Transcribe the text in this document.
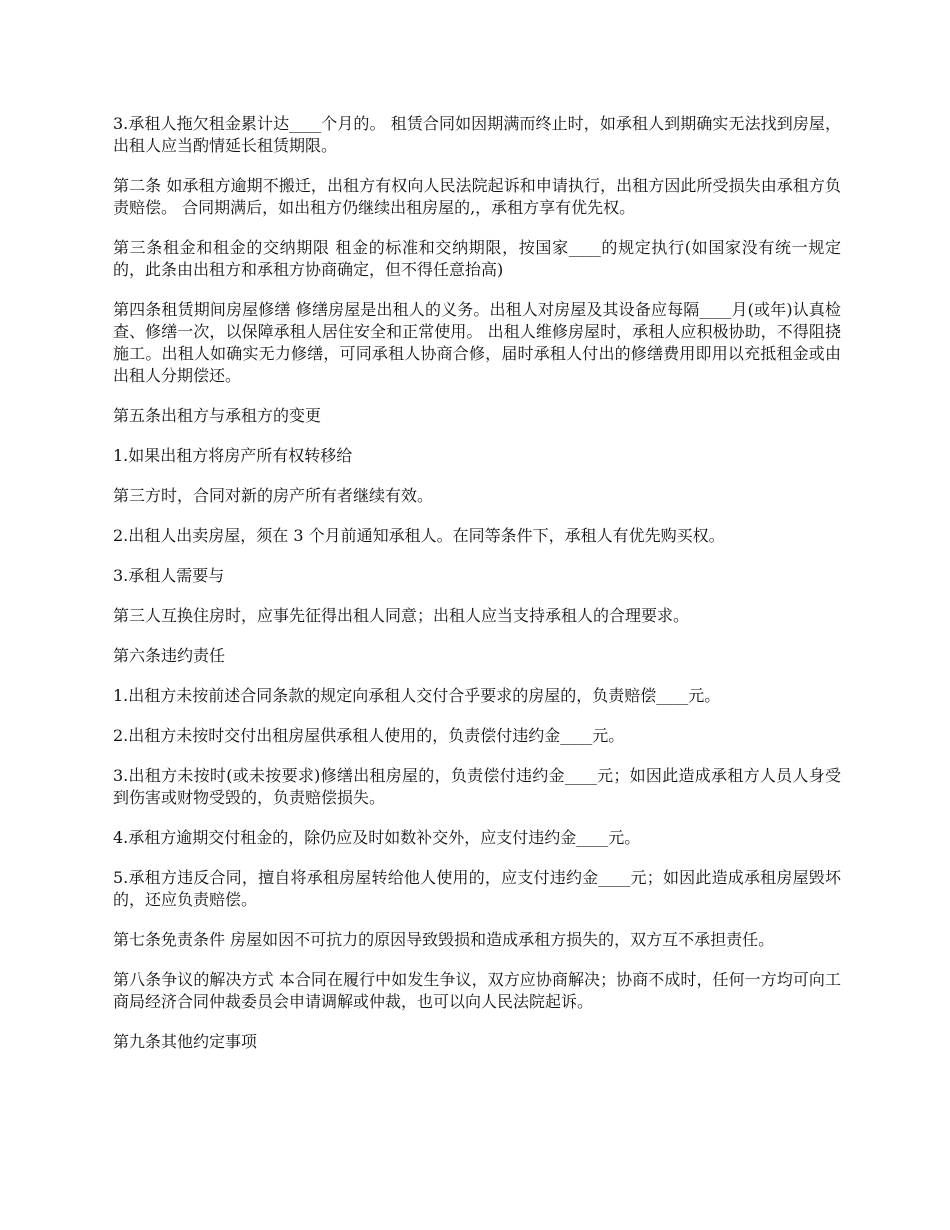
3.承租人拖欠租金累计达____个月的。 租赁合同如因期满而终止时，如承租人到期确实无法找到房屋，出租人应当酌情延长租赁期限。

第二条 如承租方逾期不搬迁，出租方有权向人民法院起诉和申请执行，出租方因此所受损失由承租方负责赔偿。 合同期满后，如出租方仍继续出租房屋的,，承租方享有优先权。

第三条租金和租金的交纳期限 租金的标准和交纳期限，按国家____的规定执行(如国家没有统一规定的，此条由出租方和承租方协商确定，但不得任意抬高)

第四条租赁期间房屋修缮 修缮房屋是出租人的义务。出租人对房屋及其设备应每隔____月(或年)认真检查、修缮一次，以保障承租人居住安全和正常使用。 出租人维修房屋时，承租人应积极协助，不得阻挠施工。出租人如确实无力修缮，可同承租人协商合修，届时承租人付出的修缮费用即用以充抵租金或由出租人分期偿还。

第五条出租方与承租方的变更

1.如果出租方将房产所有权转移给

第三方时，合同对新的房产所有者继续有效。

2.出租人出卖房屋，须在 3 个月前通知承租人。在同等条件下，承租人有优先购买权。

3.承租人需要与

第三人互换住房时，应事先征得出租人同意；出租人应当支持承租人的合理要求。

第六条违约责任

1.出租方未按前述合同条款的规定向承租人交付合乎要求的房屋的，负责赔偿____元。

2.出租方未按时交付出租房屋供承租人使用的，负责偿付违约金____元。

3.出租方未按时(或未按要求)修缮出租房屋的，负责偿付违约金____元；如因此造成承租方人员人身受到伤害或财物受毁的，负责赔偿损失。

4.承租方逾期交付租金的，除仍应及时如数补交外，应支付违约金____元。

5.承租方违反合同，擅自将承租房屋转给他人使用的，应支付违约金____元；如因此造成承租房屋毁坏的，还应负责赔偿。

第七条免责条件 房屋如因不可抗力的原因导致毁损和造成承租方损失的，双方互不承担责任。

第八条争议的解决方式 本合同在履行中如发生争议，双方应协商解决；协商不成时，任何一方均可向工商局经济合同仲裁委员会申请调解或仲裁，也可以向人民法院起诉。

第九条其他约定事项
